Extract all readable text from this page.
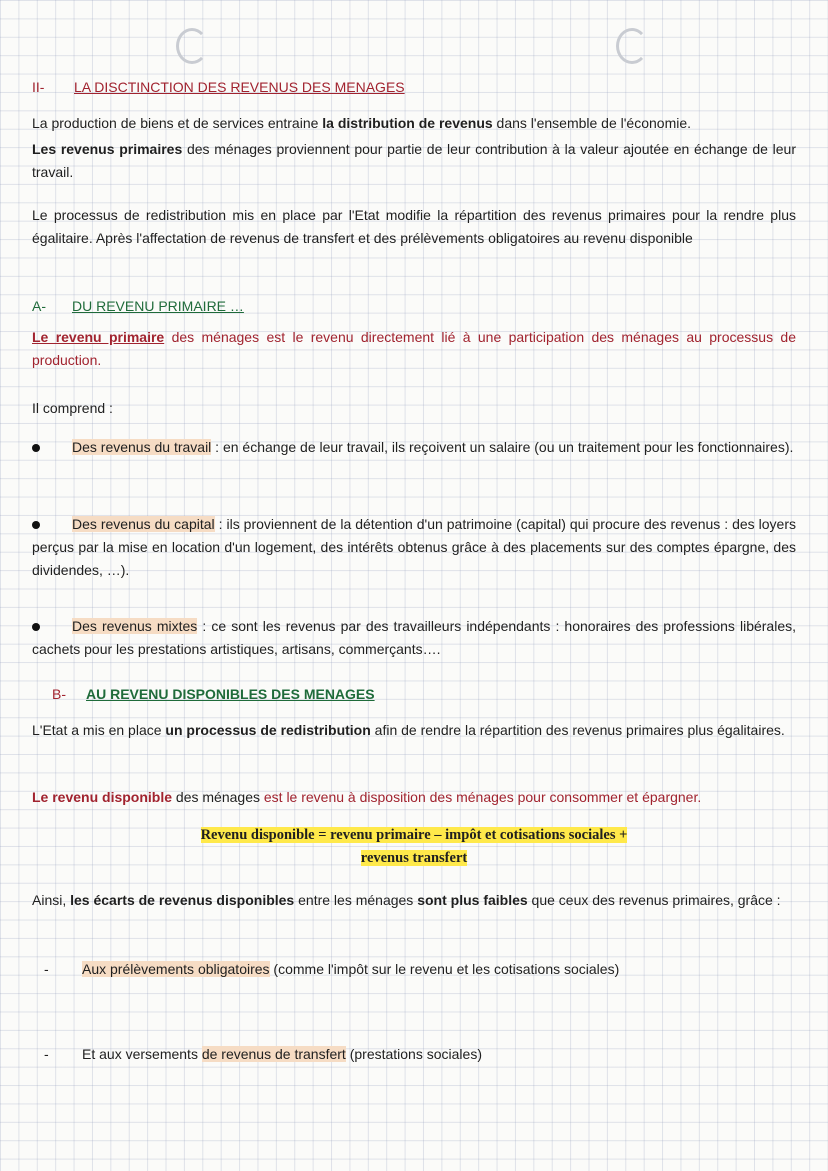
II- LA DISCTINCTION DES REVENUS DES MENAGES
La production de biens et de services entraine la distribution de revenus dans l'ensemble de l'économie.
Les revenus primaires des ménages proviennent pour partie de leur contribution à la valeur ajoutée en échange de leur travail.
Le processus de redistribution mis en place par l'Etat modifie la répartition des revenus primaires pour la rendre plus égalitaire. Après l'affectation de revenus de transfert et des prélèvements obligatoires au revenu disponible
A- DU REVENU PRIMAIRE …
Le revenu primaire des ménages est le revenu directement lié à une participation des ménages au processus de production.
Il comprend :
Des revenus du travail : en échange de leur travail, ils reçoivent un salaire (ou un traitement pour les fonctionnaires).
Des revenus du capital : ils proviennent de la détention d'un patrimoine (capital) qui procure des revenus : des loyers perçus par la mise en location d'un logement, des intérêts obtenus grâce à des placements sur des comptes épargne, des dividendes, …).
Des revenus mixtes : ce sont les revenus par des travailleurs indépendants : honoraires des professions libérales, cachets pour les prestations artistiques, artisans, commerçants….
B- AU REVENU DISPONIBLES DES MENAGES
L'Etat a mis en place un processus de redistribution afin de rendre la répartition des revenus primaires plus égalitaires.
Le revenu disponible des ménages est le revenu à disposition des ménages pour consommer et épargner.
Revenu disponible = revenu primaire – impôt et cotisations sociales +
revenus transfert
Ainsi, les écarts de revenus disponibles entre les ménages sont plus faibles que ceux des revenus primaires, grâce :
- Aux prélèvements obligatoires (comme l'impôt sur le revenu et les cotisations sociales)
- Et aux versements de revenus de transfert (prestations sociales)
